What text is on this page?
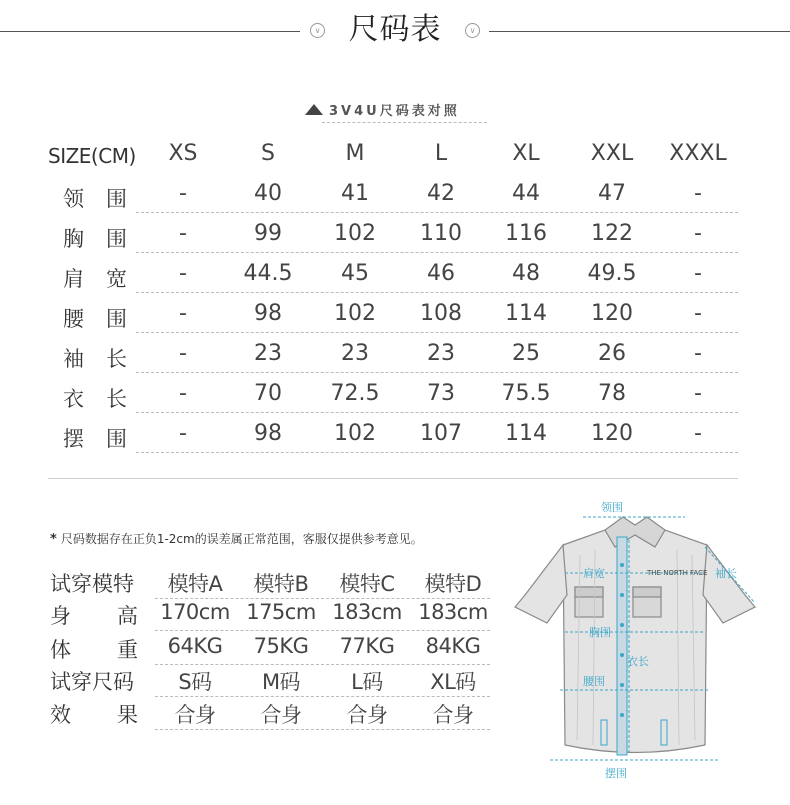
∨ 尺码表	∨
3V4U尺码表对照
SIZE(CM)	XS	S	M	L	XL	XXL	XXXL
领 围	-	40	41	42	44	47	-
胸 围	-	99	102	110	116	122	-
肩 宽	-	44.5	45	46	48	49.5	-
腰 围	-	98	102	108	114	120	-
袖 长	-	23	23	23	25	26	-
衣 长	-	70	72.5	73	75.5	78	-
摆 围	-	98	102	107	114	120	-
* 尺码数据存在正负1-2cm的误差属正常范围，客服仅提供参考意见。
试穿模特	模特A	模特B	模特C	模特D
身 高	170cm 175cm 183cm 183cm
体 重	64KG	75KG	77KG	84KG
试穿尺码	S码	M码	L码	XL码
效 果	合身	合身	合身	合身
THE NORTH FACE
领围
肩宽	袖长
胸围
衣长
腰围
摆围
